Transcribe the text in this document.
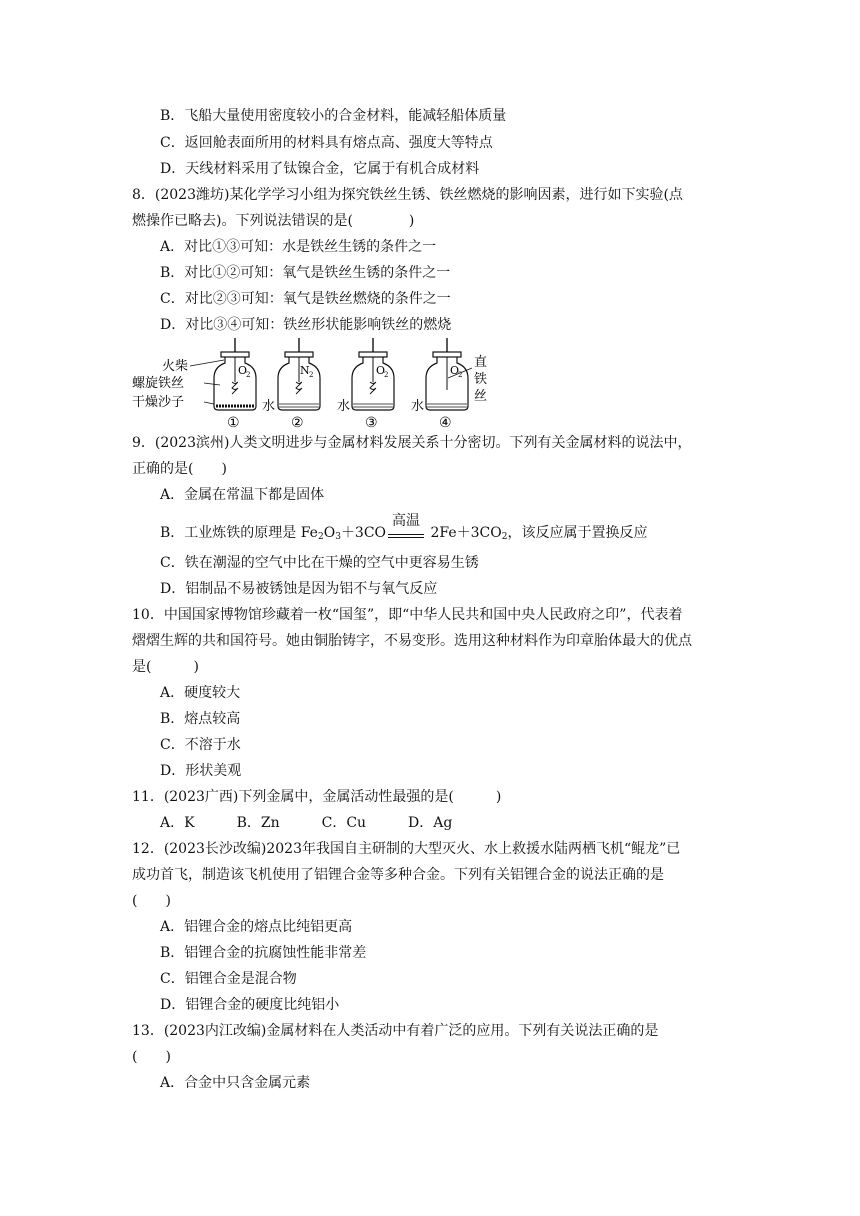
B．飞船大量使用密度较小的合金材料，能减轻船体质量
C．返回舱表面所用的材料具有熔点高、强度大等特点
D．天线材料采用了钛镍合金，它属于有机合成材料
8．(2023潍坊)某化学学习小组为探究铁丝生锈、铁丝燃烧的影响因素，进行如下实验(点
燃操作已略去)。下列说法错误的是(　　　　)
A．对比①③可知：水是铁丝生锈的条件之一
B．对比①②可知：氧气是铁丝生锈的条件之一
C．对比②③可知：氧气是铁丝燃烧的条件之一
D．对比③④可知：铁丝形状能影响铁丝的燃烧
火柴
螺旋铁丝
干燥沙子
O
2
①
N 2
水
②
O
2
水
③
O
2
水
④
直
铁
丝
9．(2023滨州)人类文明进步与金属材料发展关系十分密切。下列有关金属材料的说法中，
正确的是(　　)
A．金属在常温下都是固体
B．工业炼铁的原理是 $Fe_2O_3+3CO$
高温
$2Fe+3CO_2$，该反应属于置换反应
C．铁在潮湿的空气中比在干燥的空气中更容易生锈
D．铝制品不易被锈蚀是因为铝不与氧气反应
10．中国国家博物馆珍藏着一枚“国玺”，即“中华人民共和国中央人民政府之印”，代表着
熠熠生辉的共和国符号。她由铜胎铸字，不易变形。选用这种材料作为印章胎体最大的优点
是(　　　)
A．硬度较大
B．熔点较高
C．不溶于水
D．形状美观
11．(2023广西)下列金属中，金属活动性最强的是(　　　)
A．K　　　B．Zn　　　C．Cu　　　D．Ag
12．(2023长沙改编)2023年我国自主研制的大型灭火、水上救援水陆两栖飞机“鲲龙”已
成功首飞，制造该飞机使用了铝锂合金等多种合金。下列有关铝锂合金的说法正确的是
(　　)
A．铝锂合金的熔点比纯铝更高
B．铝锂合金的抗腐蚀性能非常差
C．铝锂合金是混合物
D．铝锂合金的硬度比纯铝小
13．(2023内江改编)金属材料在人类活动中有着广泛的应用。下列有关说法正确的是
(　　)
A．合金中只含金属元素
